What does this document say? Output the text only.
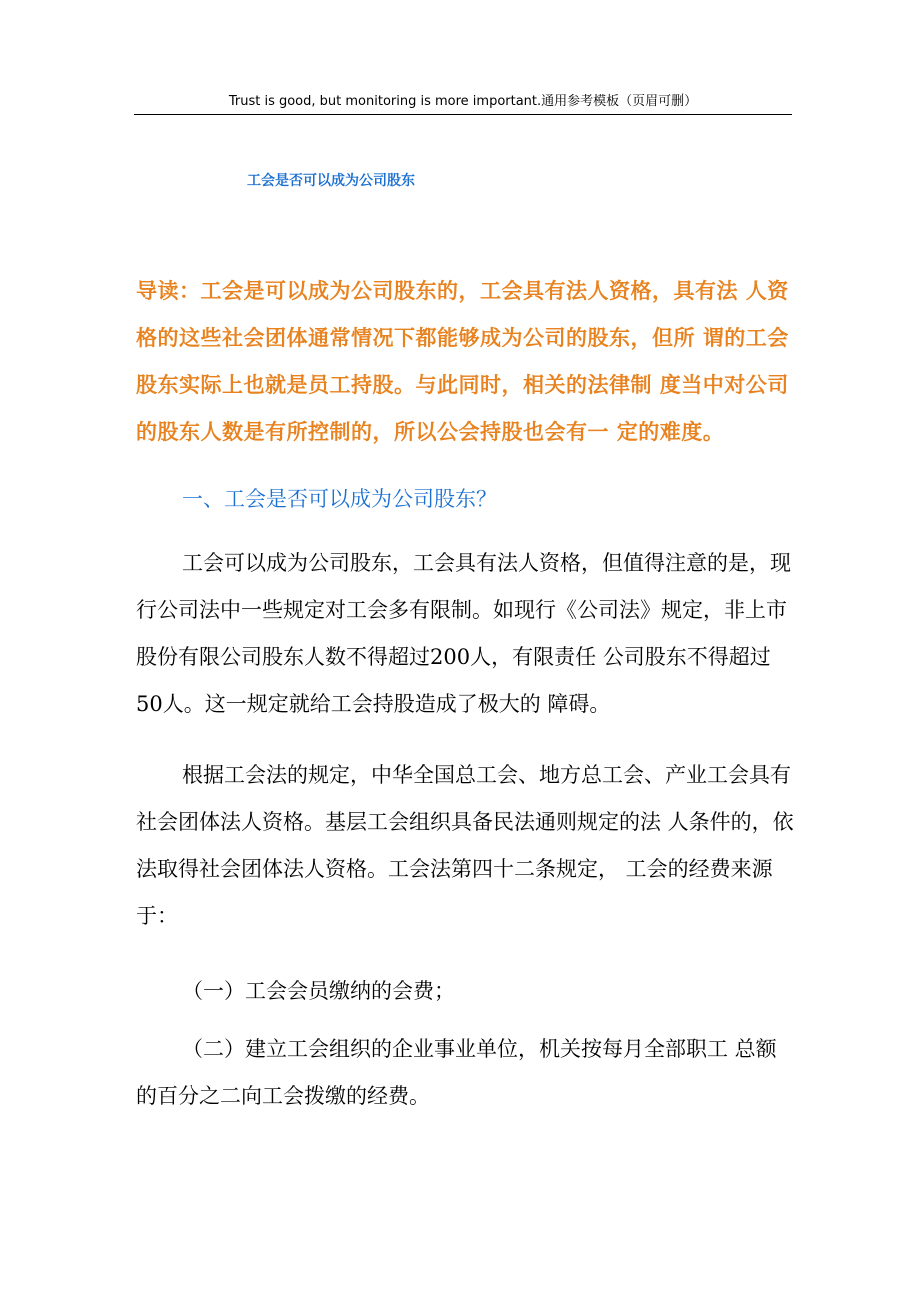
Trust is good, but monitoring is more important.通用参考模板（页眉可删）
工会是否可以成为公司股东
导读：工会是可以成为公司股东的，工会具有法人资格，具有法 人资格的这些社会团体通常情况下都能够成为公司的股东，但所 谓的工会股东实际上也就是员工持股。与此同时，相关的法律制 度当中对公司的股东人数是有所控制的，所以公会持股也会有一 定的难度。
一、工会是否可以成为公司股东？
工会可以成为公司股东，工会具有法人资格，但值得注意的是，现行公司法中一些规定对工会多有限制。如现行《公司法》规定，非上市股份有限公司股东人数不得超过200人，有限责任 公司股东不得超过50人。这一规定就给工会持股造成了极大的 障碍。
根据工会法的规定，中华全国总工会、地方总工会、产业工会具有社会团体法人资格。基层工会组织具备民法通则规定的法 人条件的，依法取得社会团体法人资格。工会法第四十二条规定， 工会的经费来源于：
（一）工会会员缴纳的会费；
（二）建立工会组织的企业事业单位，机关按每月全部职工 总额的百分之二向工会拨缴的经费。
